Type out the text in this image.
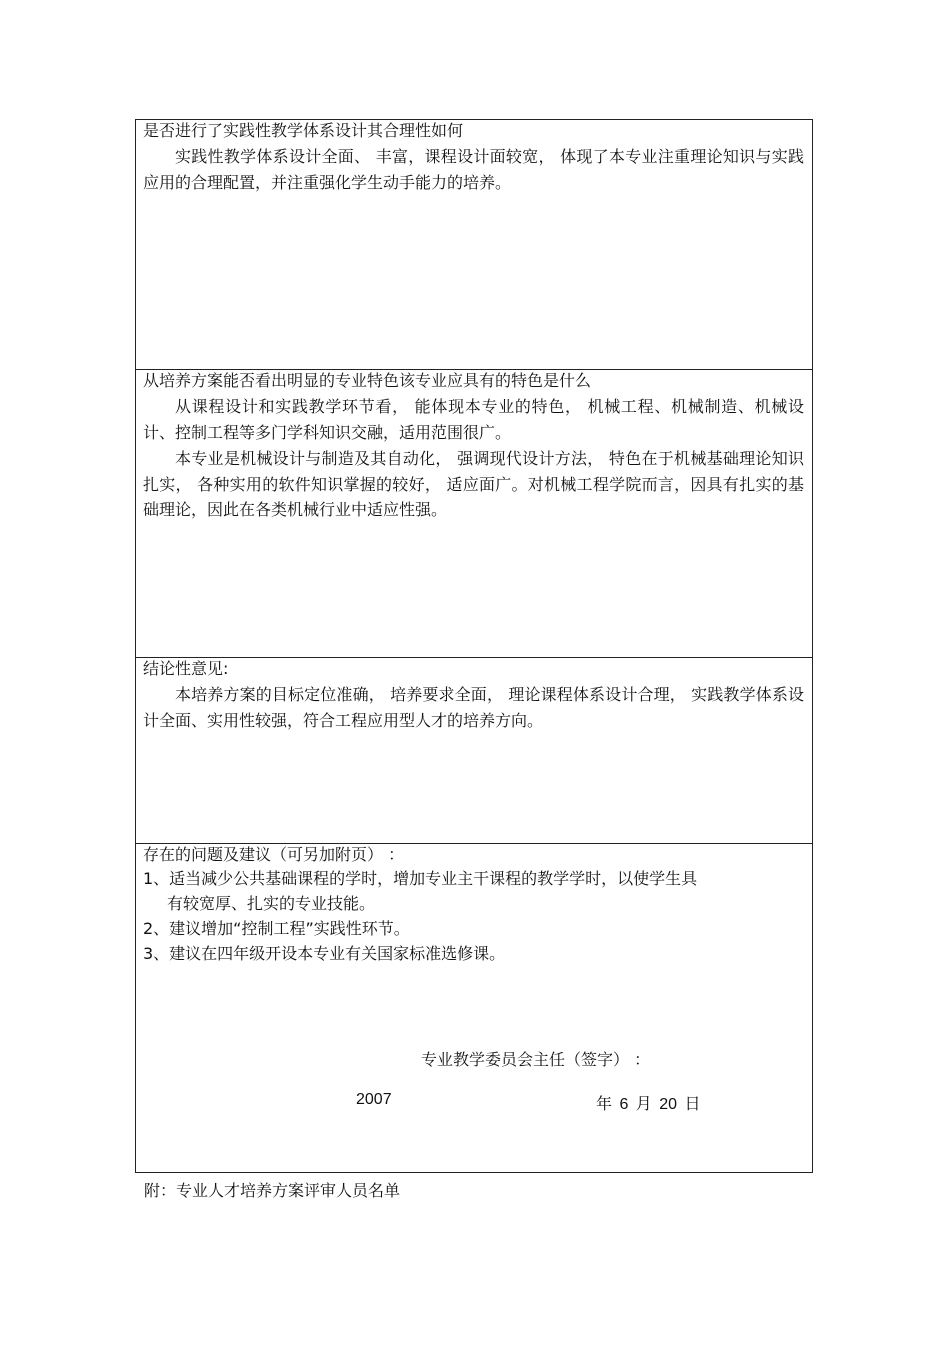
是否进行了实践性教学体系设计其合理性如何

实践性教学体系设计全面、 丰富，课程设计面较宽， 体现了本专业注重理论知识与实践应用的合理配置，并注重强化学生动手能力的培养。

从培养方案能否看出明显的专业特色该专业应具有的特色是什么

从课程设计和实践教学环节看， 能体现本专业的特色， 机械工程、机械制造、机械设计、控制工程等多门学科知识交融，适用范围很广。

本专业是机械设计与制造及其自动化， 强调现代设计方法， 特色在于机械基础理论知识扎实， 各种实用的软件知识掌握的较好， 适应面广。对机械工程学院而言，因具有扎实的基础理论，因此在各类机械行业中适应性强。

结论性意见:

本培养方案的目标定位准确， 培养要求全面， 理论课程体系设计合理， 实践教学体系设计全面、实用性较强，符合工程应用型人才的培养方向。

存在的问题及建议（可另加附页） ：

1、适当减少公共基础课程的学时，增加专业主干课程的教学学时，以使学生具

有较宽厚、扎实的专业技能。

2、建议增加“控制工程”实践性环节。

3、建议在四年级开设本专业有关国家标准选修课。

专业教学委员会主任（签字） ：
2007	年 6 月 20 日
附：专业人才培养方案评审人员名单
